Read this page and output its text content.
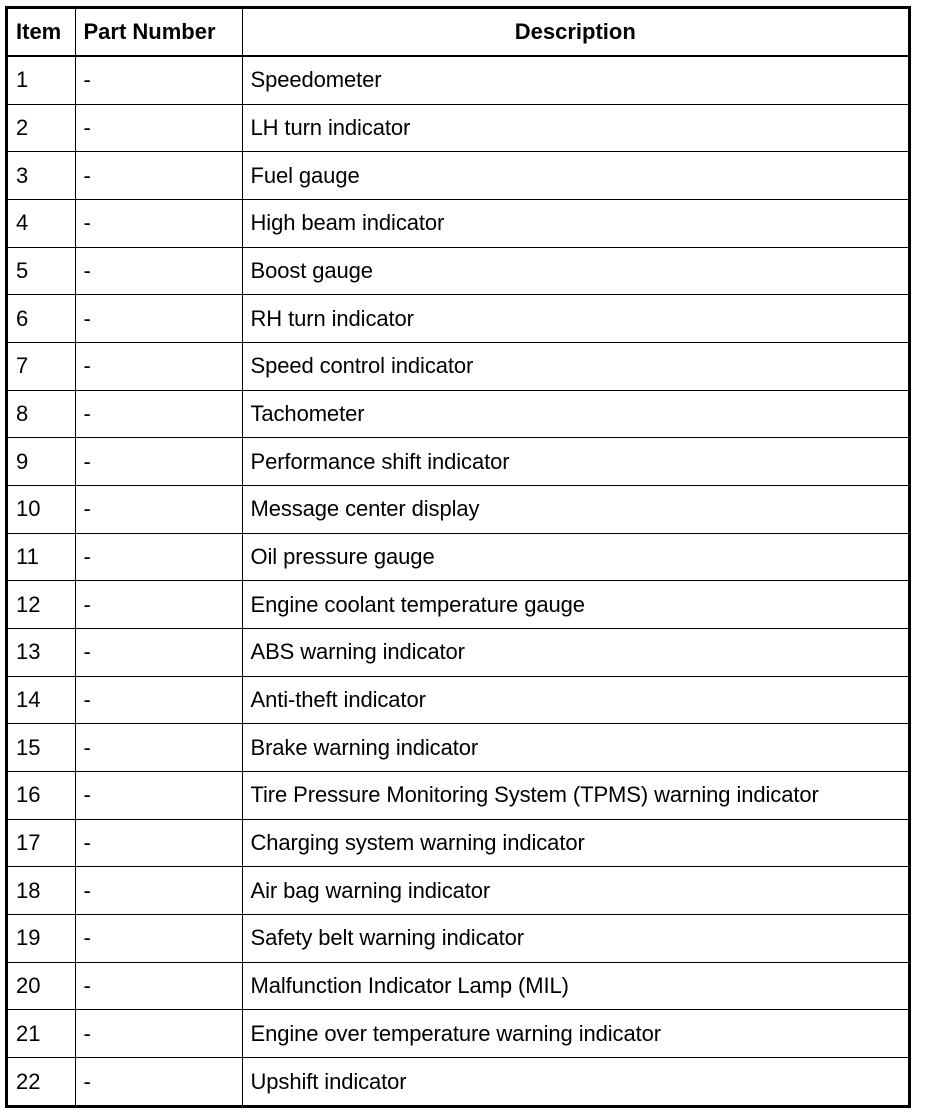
Item	Part Number	Description
1	-	Speedometer
2	-	LH turn indicator
3	-	Fuel gauge
4	-	High beam indicator
5	-	Boost gauge
6	-	RH turn indicator
7	-	Speed control indicator
8	-	Tachometer
9	-	Performance shift indicator
10	-	Message center display
11	-	Oil pressure gauge
12	-	Engine coolant temperature gauge
13	-	ABS warning indicator
14	-	Anti-theft indicator
15	-	Brake warning indicator
16	-	Tire Pressure Monitoring System (TPMS) warning indicator
17	-	Charging system warning indicator
18	-	Air bag warning indicator
19	-	Safety belt warning indicator
20	-	Malfunction Indicator Lamp (MIL)
21	-	Engine over temperature warning indicator
22	-	Upshift indicator
